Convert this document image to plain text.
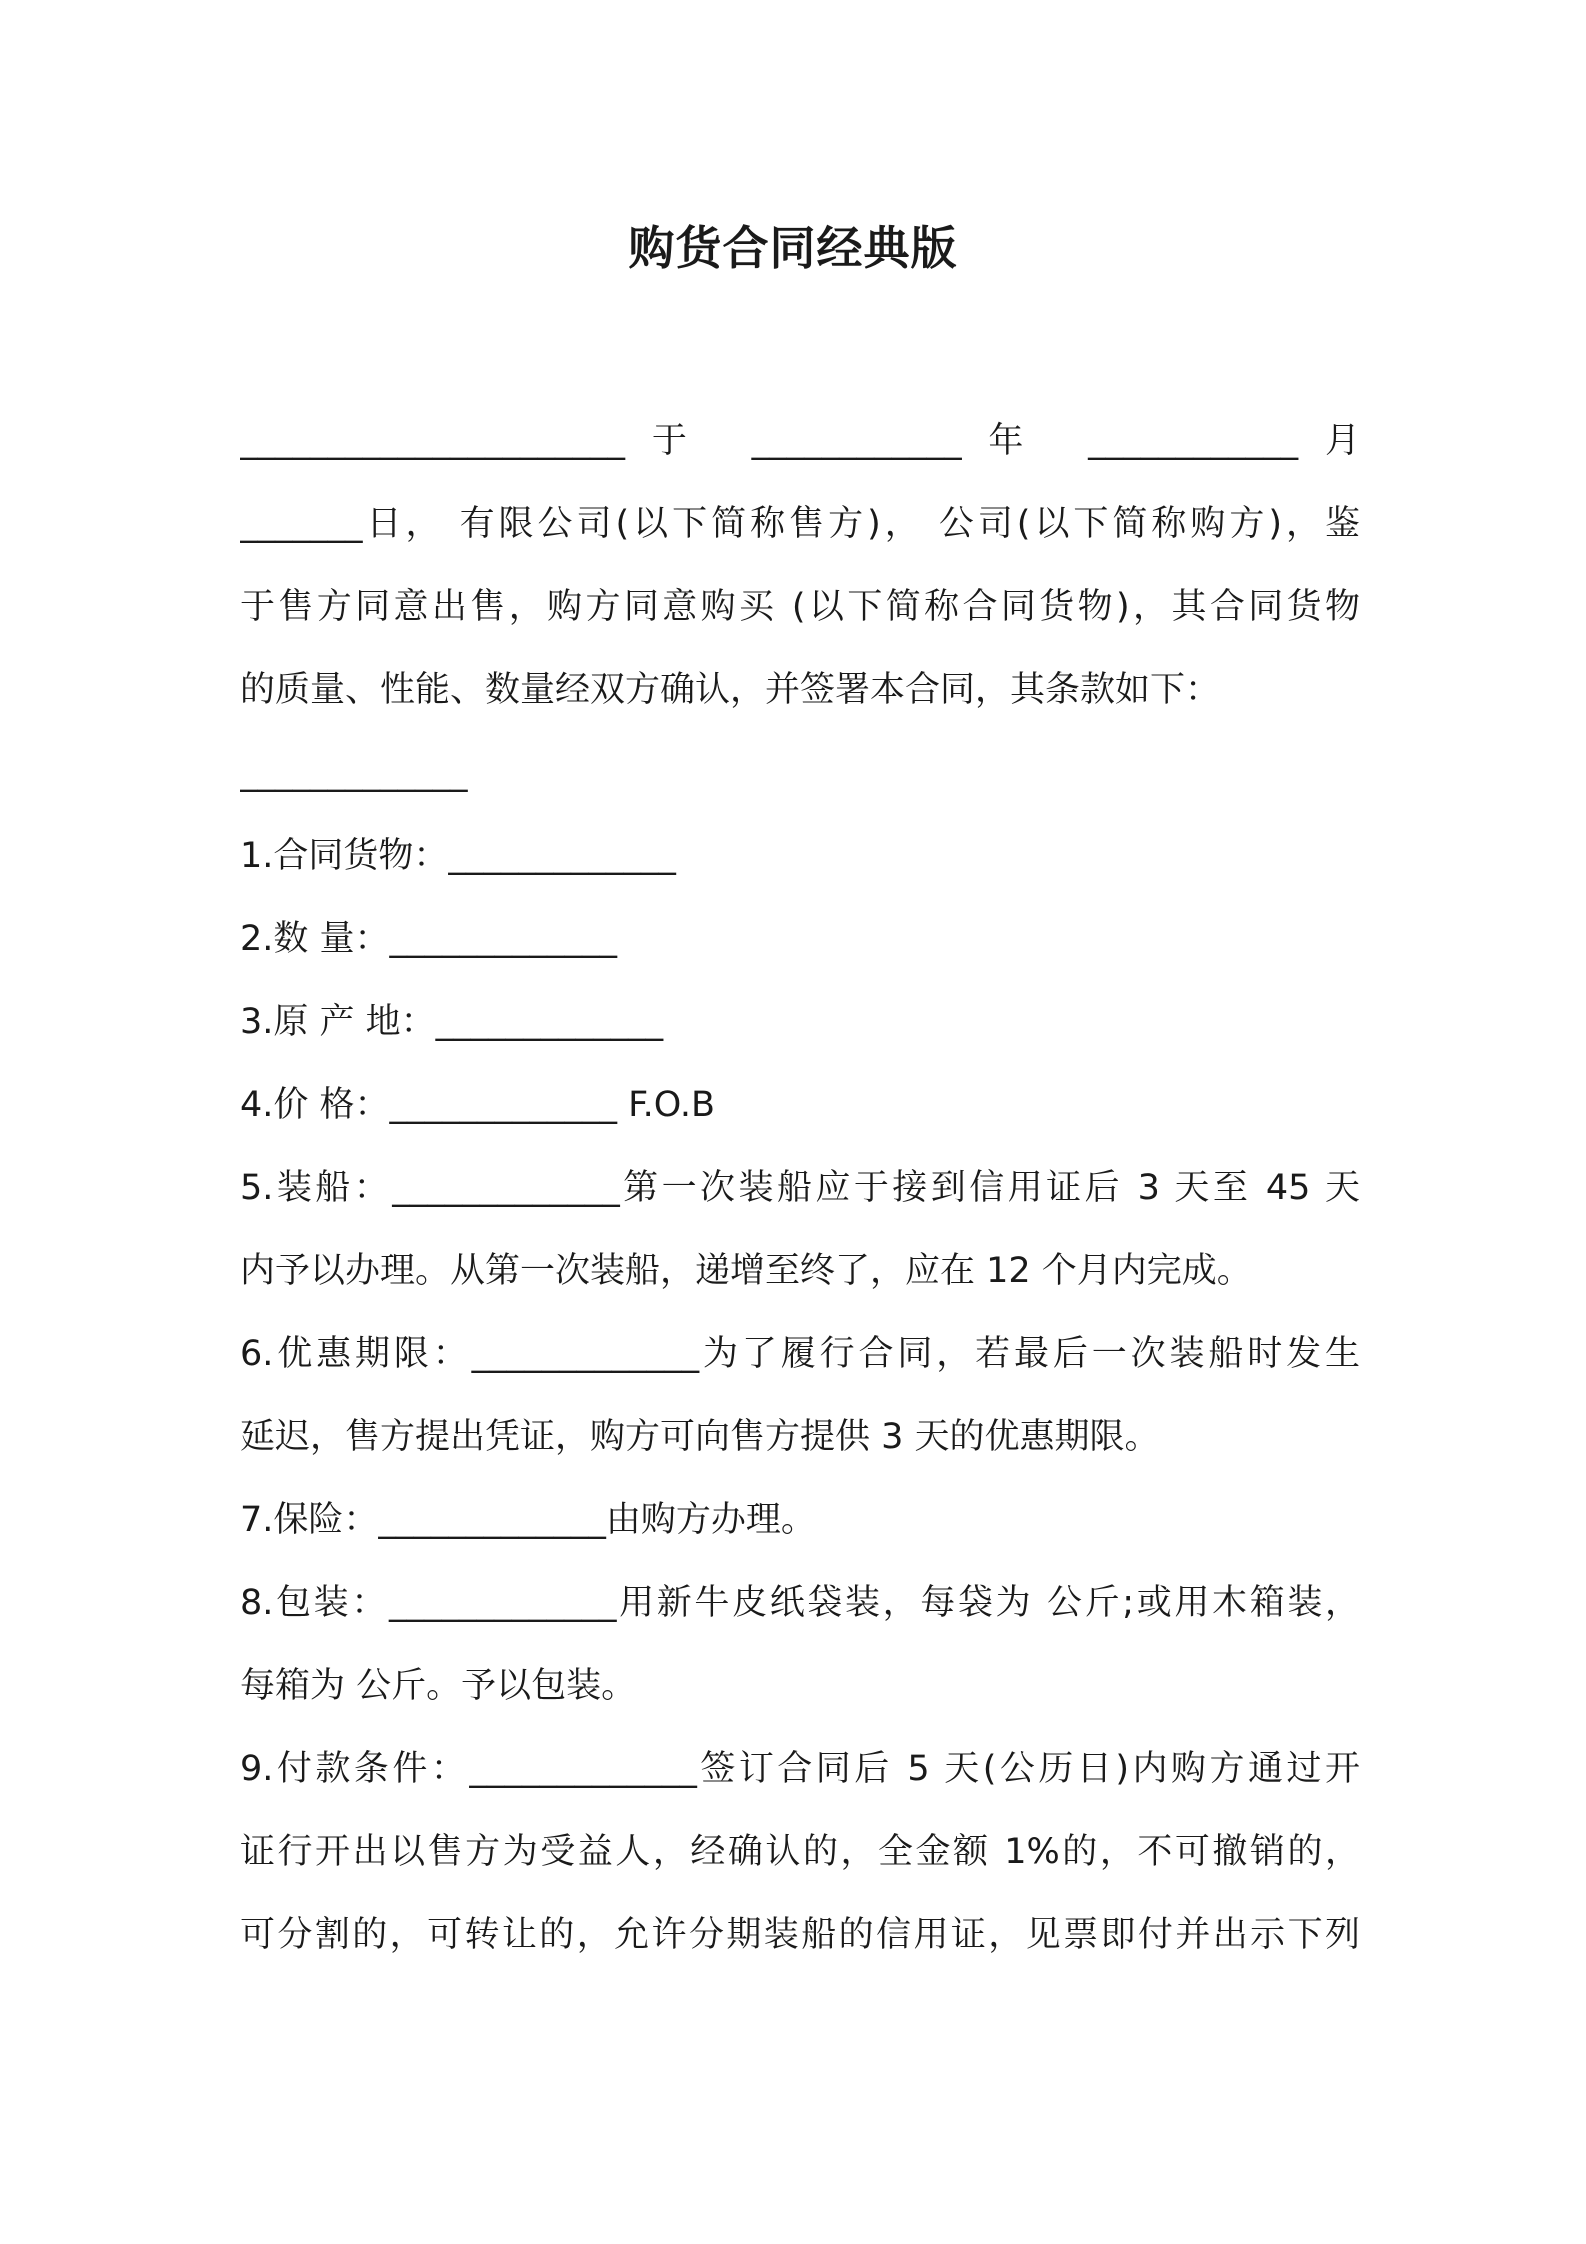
购货合同经典版
______________________于 ____________年 ____________月
_______日， 有限公司(以下简称售方)， 公司(以下简称购方)，鉴
于售方同意出售，购方同意购买 (以下简称合同货物)，其合同货物
的质量、性能、数量经双方确认，并签署本合同，其条款如下：
_____________
1.合同货物：_____________
2.数 量：_____________
3.原 产 地：_____________
4.价 格：_____________ F.O.B
5.装船：_____________第一次装船应于接到信用证后 3 天至 45 天
内予以办理。从第一次装船，递增至终了，应在 12 个月内完成。
6.优惠期限：_____________为了履行合同，若最后一次装船时发生
延迟，售方提出凭证，购方可向售方提供 3 天的优惠期限。
7.保险：_____________由购方办理。
8.包装：_____________用新牛皮纸袋装，每袋为 公斤;或用木箱装，
每箱为 公斤。予以包装。
9.付款条件：_____________签订合同后 5 天(公历日)内购方通过开
证行开出以售方为受益人，经确认的，全金额 1%的，不可撤销的，
可分割的，可转让的，允许分期装船的信用证，见票即付并出示下列
